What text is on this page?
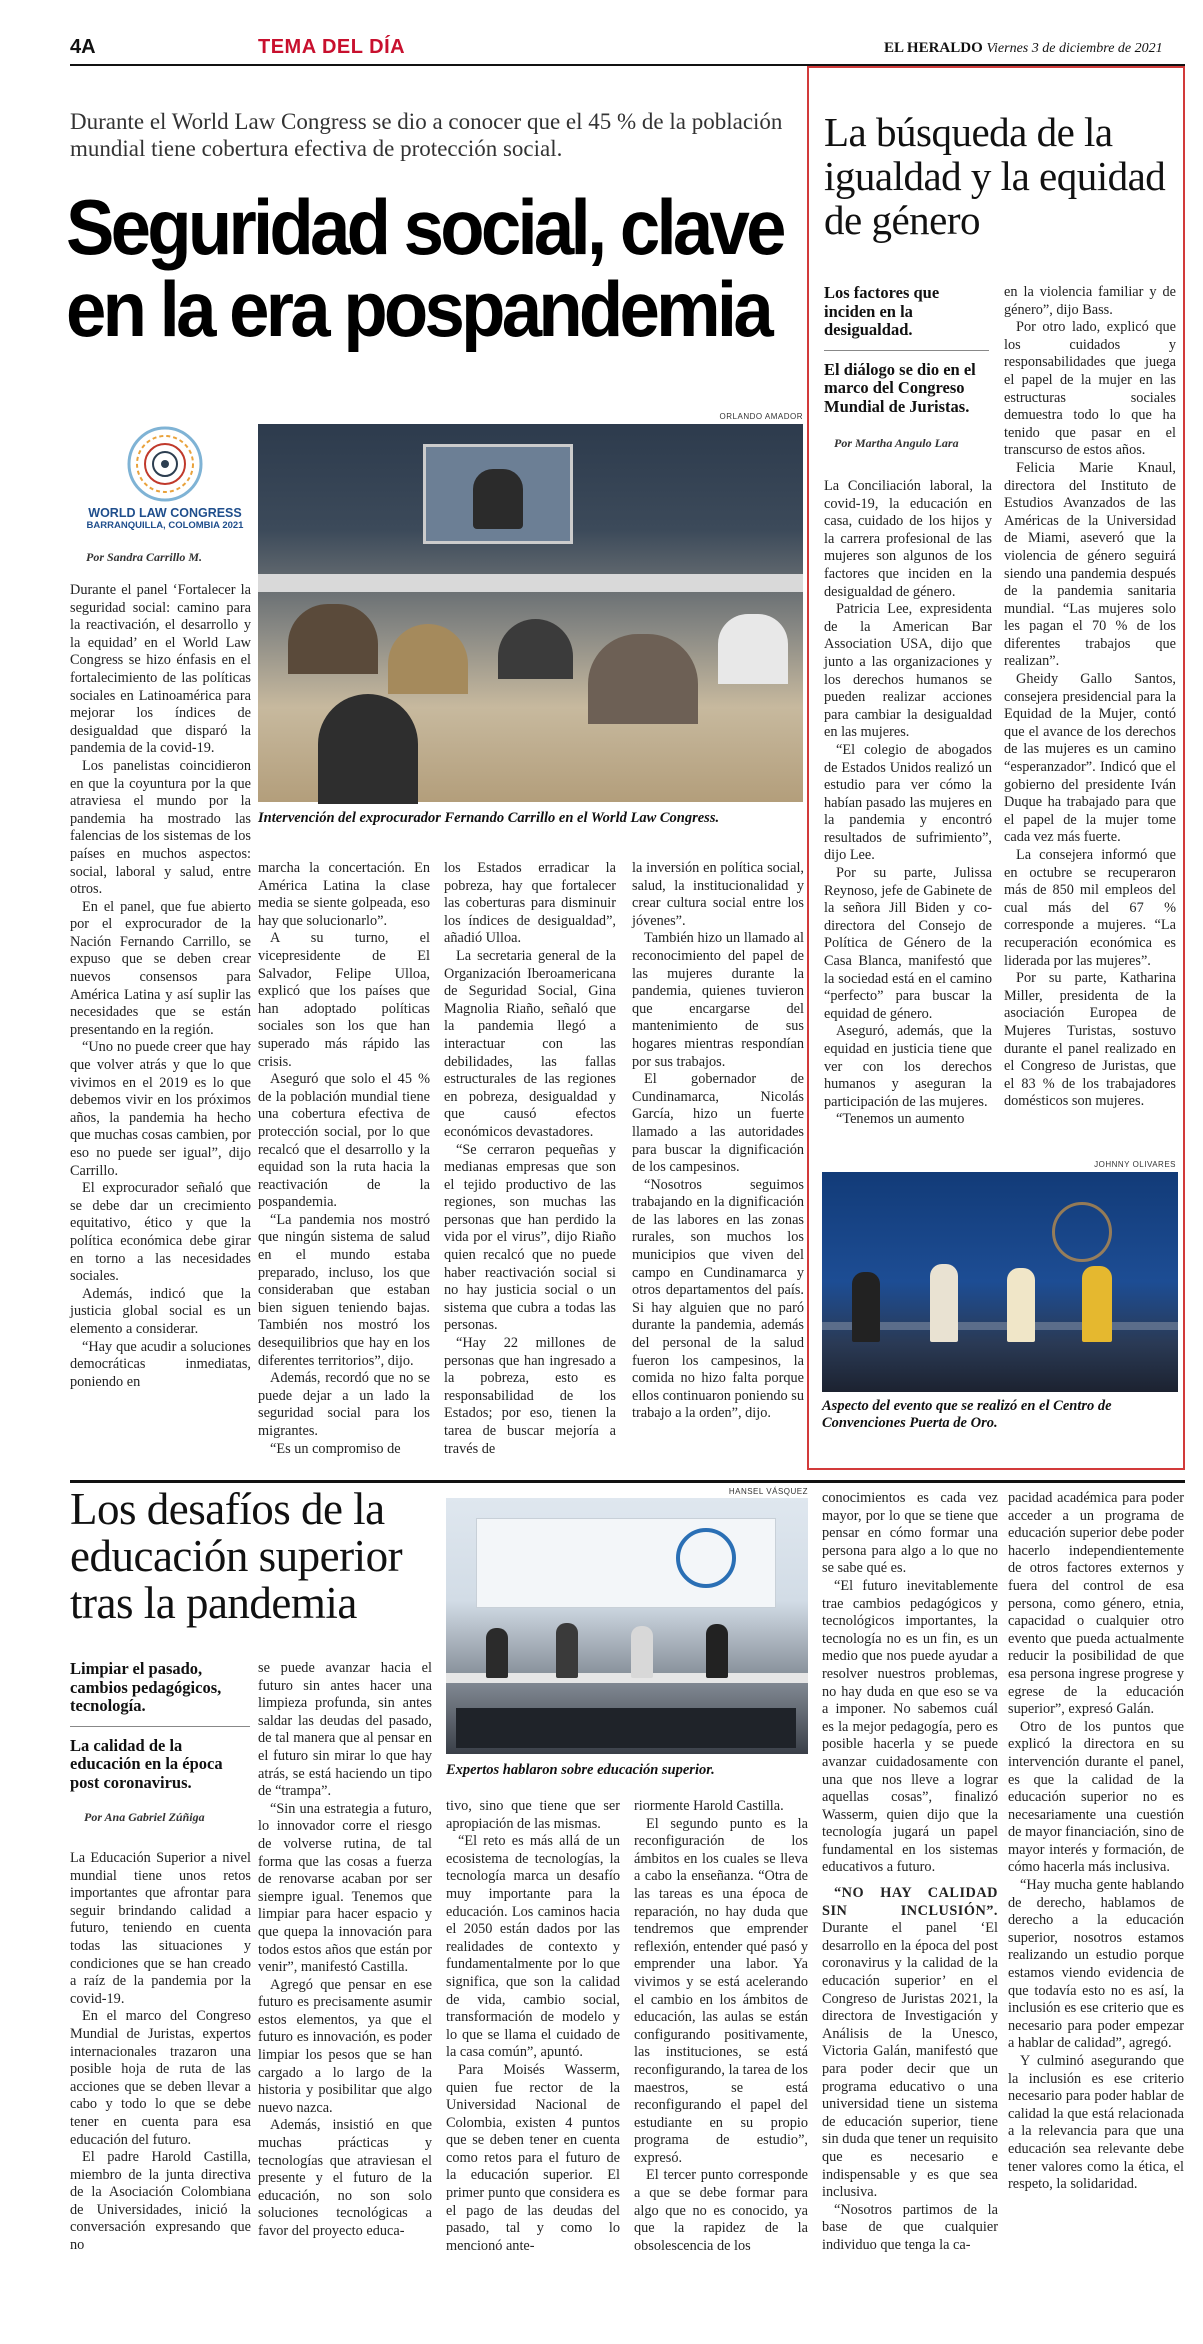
4A	TEMA DEL DÍA	EL HERALDO Viernes 3 de diciembre de 2021
Durante el World Law Congress se dio a conocer que el 45 % de la población mundial tiene cobertura efectiva de protección social.
Seguridad social, clave
en la era pospandemia
WORLD LAW CONGRESS
BARRANQUILLA, COLOMBIA 2021
Por Sandra Carrillo M.
ORLANDO AMADOR
Intervención del exprocurador Fernando Carrillo en el World Law Congress.

Durante el panel ‘Fortalecer la seguridad social: camino para la reactivación, el desarrollo y la equidad’ en el World Law Congress se hizo énfasis en el fortalecimiento de las políticas sociales en Latinoamérica para mejorar los índices de desigualdad que disparó la pandemia de la covid-19.

Los panelistas coincidieron en que la coyuntura por la que atraviesa el mundo por la pandemia ha mostrado las falencias de los sistemas de los países en muchos aspectos: social, laboral y salud, entre otros.

En el panel, que fue abierto por el exprocurador de la Nación Fernando Carrillo, se expuso que se deben crear nuevos consensos para América Latina y así suplir las necesidades que se están presentando en la región.

“Uno no puede creer que hay que volver atrás y que lo que vivimos en el 2019 es lo que debemos vivir en los próximos años, la pandemia ha hecho que muchas cosas cambien, por eso no puede ser igual”, dijo Carrillo.

El exprocurador señaló que se debe dar un crecimiento equitativo, ético y que la política económica debe girar en torno a las necesidades sociales.

Además, indicó que la justicia global social es un elemento a considerar.

“Hay que acudir a soluciones democráticas inmediatas, poniendo en

marcha la concertación. En América Latina la clase media se siente golpeada, eso hay que solucionarlo”.

A su turno, el vicepresidente de El Salvador, Felipe Ulloa, explicó que los países que han adoptado políticas sociales son los que han superado más rápido las crisis.

Aseguró que solo el 45 % de la población mundial tiene una cobertura efectiva de protección social, por lo que recalcó que el desarrollo y la equidad son la ruta hacia la reactivación de la pospandemia.

“La pandemia nos mostró que ningún sistema de salud en el mundo estaba preparado, incluso, los que consideraban que estaban bien siguen teniendo bajas. También nos mostró los desequilibrios que hay en los diferentes territorios”, dijo.

Además, recordó que no se puede dejar a un lado la seguridad social para los migrantes.

“Es un compromiso de

los Estados erradicar la pobreza, hay que fortalecer las coberturas para disminuir los índices de desigualdad”, añadió Ulloa.

La secretaria general de la Organización Iberoamericana de Seguridad Social, Gina Magnolia Riaño, señaló que la pandemia llegó a interactuar con las debilidades, las fallas estructurales de las regiones en pobreza, desigualdad y que causó efectos económicos devastadores.

“Se cerraron pequeñas y medianas empresas que son el tejido productivo de las regiones, son muchas las personas que han perdido la vida por el virus”, dijo Riaño quien recalcó que no puede haber reactivación social si no hay justicia social o un sistema que cubra a todas las personas.

“Hay 22 millones de personas que han ingresado a la pobreza, esto es responsabilidad de los Estados; por eso, tienen la tarea de buscar mejoría a través de

la inversión en política social, salud, la institucionalidad y crear cultura social entre los jóvenes”.

También hizo un llamado al reconocimiento del papel de las mujeres durante la pandemia, quienes tuvieron que encargarse del mantenimiento de sus hogares mientras respondían por sus trabajos.

El gobernador de Cundinamarca, Nicolás García, hizo un fuerte llamado a las autoridades para buscar la dignificación de los campesinos.

“Nosotros seguimos trabajando en la dignificación de las labores en las zonas rurales, son muchos los municipios que viven del campo en Cundinamarca y otros departamentos del país. Si hay alguien que no paró durante la pandemia, además del personal de la salud fueron los campesinos, la comida no hizo falta porque ellos continuaron poniendo su trabajo a la orden”, dijo.

La búsqueda de la igualdad y la equidad de género
Los factores que inciden en la desigualdad.
El diálogo se dio en el marco del Congreso Mundial de Juristas.
Por Martha Angulo Lara

La Conciliación laboral, la covid-19, la educación en casa, cuidado de los hijos y la carrera profesional de las mujeres son algunos de los factores que inciden en la desigualdad de género.

Patricia Lee, expresidenta de la American Bar Association USA, dijo que junto a las organizaciones y los derechos humanos se pueden realizar acciones para cambiar la desigualdad en las mujeres.

“El colegio de abogados de Estados Unidos realizó un estudio para ver cómo la habían pasado las mujeres en la pandemia y encontró resultados de sufrimiento”, dijo Lee.

Por su parte, Julissa Reynoso, jefe de Gabinete de la señora Jill Biden y co-directora del Consejo de Política de Género de la Casa Blanca, manifestó que la sociedad está en el camino “perfecto” para buscar la equidad de género.

Aseguró, además, que la equidad en justicia tiene que ver con los derechos humanos y aseguran la participación de las mujeres.

“Tenemos un aumento

en la violencia familiar y de género”, dijo Bass.

Por otro lado, explicó que los cuidados y responsabilidades que juega el papel de la mujer en las estructuras sociales demuestra todo lo que ha tenido que pasar en el transcurso de estos años.

Felicia Marie Knaul, directora del Instituto de Estudios Avanzados de las Américas de la Universidad de Miami, aseveró que la violencia de género seguirá siendo una pandemia después de la pandemia sanitaria mundial. “Las mujeres solo les pagan el 70 % de los diferentes trabajos que realizan”.

Gheidy Gallo Santos, consejera presidencial para la Equidad de la Mujer, contó que el avance de los derechos de las mujeres es un camino “esperanzador”. Indicó que el gobierno del presidente Iván Duque ha trabajado para que el papel de la mujer tome cada vez más fuerte.

La consejera informó que en octubre se recuperaron más de 850 mil empleos del cual más del 67 % corresponde a mujeres. “La recuperación económica es liderada por las mujeres”.

Por su parte, Katharina Miller, presidenta de la asociación Europea de Mujeres Turistas, sostuvo durante el panel realizado en el Congreso de Juristas, que el 83 % de los trabajadores domésticos son mujeres.

JOHNNY OLIVARES
Aspecto del evento que se realizó en el Centro de Convenciones Puerta de Oro.
Los desafíos de la educación superior tras la pandemia
Limpiar el pasado, cambios pedagógicos, tecnología.
La calidad de la educación en la época post coronavirus.
Por Ana Gabriel Zúñiga
HANSEL VÁSQUEZ
Expertos hablaron sobre educación superior.

La Educación Superior a nivel mundial tiene unos retos importantes que afrontar para seguir brindando calidad a futuro, teniendo en cuenta todas las situaciones y condiciones que se han creado a raíz de la pandemia por la covid-19.

En el marco del Congreso Mundial de Juristas, expertos internacionales trazaron una posible hoja de ruta de las acciones que se deben llevar a cabo y todo lo que se debe tener en cuenta para esa educación del futuro.

El padre Harold Castilla, miembro de la junta directiva de la Asociación Colombiana de Universidades, inició la conversación expresando que no

se puede avanzar hacia el futuro sin antes hacer una limpieza profunda, sin antes saldar las deudas del pasado, de tal manera que al pensar en el futuro sin mirar lo que hay atrás, se está haciendo un tipo de “trampa”.

“Sin una estrategia a futuro, lo innovador corre el riesgo de volverse rutina, de tal forma que las cosas a fuerza de renovarse acaban por ser siempre igual. Tenemos que limpiar para hacer espacio y que quepa la innovación para todos estos años que están por venir”, manifestó Castilla.

Agregó que pensar en ese futuro es precisamente asumir estos elementos, ya que el futuro es innovación, es poder limpiar los pesos que se han cargado a lo largo de la historia y posibilitar que algo nuevo nazca.

Además, insistió en que muchas prácticas y tecnologías que atraviesan el presente y el futuro de la educación, no son solo soluciones tecnológicas a favor del proyecto educa-

tivo, sino que tiene que ser apropiación de las mismas.

“El reto es más allá de un ecosistema de tecnologías, la tecnología marca un desafío muy importante para la educación. Los caminos hacia el 2050 están dados por las realidades de contexto y fundamentalmente por lo que significa, que son la calidad de vida, cambio social, transformación de modelo y lo que se llama el cuidado de la casa común”, apuntó.

Para Moisés Wasserm, quien fue rector de la Universidad Nacional de Colombia, existen 4 puntos que se deben tener en cuenta como retos para el futuro de la educación superior. El primer punto que considera es el pago de las deudas del pasado, tal y como lo mencionó ante-

riormente Harold Castilla.

El segundo punto es la reconfiguración de los ámbitos en los cuales se lleva a cabo la enseñanza. “Otra de las tareas es una época de reparación, no hay duda que tendremos que emprender reflexión, entender qué pasó y emprender una labor. Ya vivimos y se está acelerando el cambio en los ámbitos de educación, las aulas se están configurando positivamente, las instituciones, se está reconfigurando, la tarea de los maestros, se está reconfigurando el papel del estudiante en su propio programa de estudio”, expresó.

El tercer punto corresponde a que se debe formar para algo que no es conocido, ya que la rapidez de la obsolescencia de los

conocimientos es cada vez mayor, por lo que se tiene que pensar en cómo formar una persona para algo a lo que no se sabe qué es.

“El futuro inevitablemente trae cambios pedagógicos y tecnológicos importantes, la tecnología no es un fin, es un medio que nos puede ayudar a resolver nuestros problemas, no hay duda en que eso se va a imponer. No sabemos cuál es la mejor pedagogía, pero es posible hacerla y se puede avanzar cuidadosamente con una que nos lleve a lograr aquellas cosas”, finalizó Wasserm, quien dijo que la tecnología jugará un papel fundamental en los sistemas educativos a futuro.

“NO HAY CALIDAD SIN INCLUSIÓN”. Durante el panel ‘El desarrollo en la época del post coronavirus y la calidad de la educación superior’ en el Congreso de Juristas 2021, la directora de Investigación y Análisis de la Unesco, Victoria Galán, manifestó que para poder decir que un programa educativo o una universidad tiene un sistema de educación superior, tiene sin duda que tener un requisito que es necesario e indispensable y es que sea inclusiva.

“Nosotros partimos de la base de que cualquier individuo que tenga la ca-

pacidad académica para poder acceder a un programa de educación superior debe poder hacerlo independientemente de otros factores externos y fuera del control de esa persona, como género, etnia, capacidad o cualquier otro evento que pueda actualmente reducir la posibilidad de que esa persona ingrese progrese y egrese de la educación superior”, expresó Galán.

Otro de los puntos que explicó la directora en su intervención durante el panel, es que la calidad de la educación superior no es necesariamente una cuestión de mayor financiación, sino de mayor interés y formación, de cómo hacerla más inclusiva.

“Hay mucha gente hablando de derecho, hablamos de derecho a la educación superior, nosotros estamos realizando un estudio porque estamos viendo evidencia de que todavía esto no es así, la inclusión es ese criterio que es necesario para poder empezar a hablar de calidad”, agregó.

Y culminó asegurando que la inclusión es ese criterio necesario para poder hablar de calidad la que está relacionada a la relevancia para que una educación sea relevante debe tener valores como la ética, el respeto, la solidaridad.
